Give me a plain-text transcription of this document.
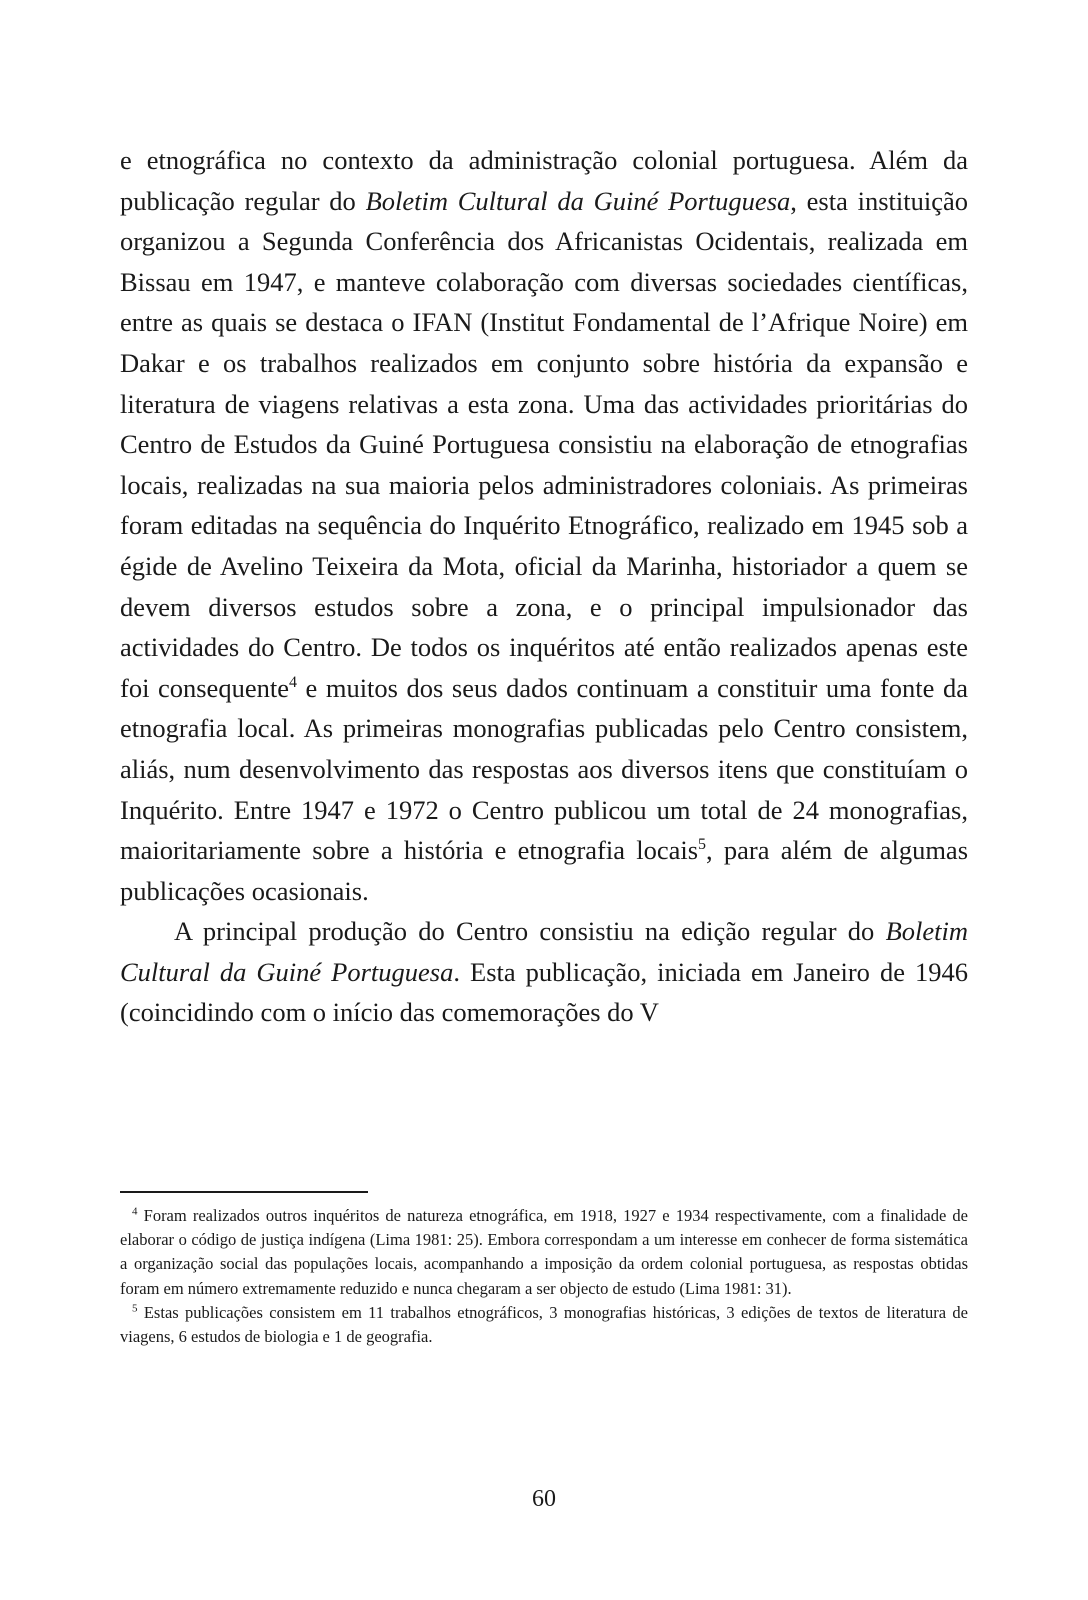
e etnográfica no contexto da administração colonial portuguesa. Além da publicação regular do Boletim Cultural da Guiné Portuguesa, esta instituição organizou a Segunda Conferência dos Africanistas Ocidentais, realizada em Bissau em 1947, e manteve colaboração com diversas sociedades científicas, entre as quais se destaca o IFAN (Institut Fondamental de l’Afrique Noire) em Dakar e os trabalhos realizados em conjunto sobre história da expansão e literatura de viagens relativas a esta zona. Uma das actividades prioritárias do Centro de Estudos da Guiné Portuguesa consistiu na elaboração de etnografias locais, realizadas na sua maioria pelos administradores coloniais. As primeiras foram editadas na sequência do Inquérito Etnográfico, realizado em 1945 sob a égide de Avelino Teixeira da Mota, oficial da Marinha, historiador a quem se devem diversos estudos sobre a zona, e o principal impulsionador das actividades do Centro. De todos os inquéritos até então realizados apenas este foi consequente$^4$ e muitos dos seus dados continuam a constituir uma fonte da etnografia local. As primeiras monografias publicadas pelo Centro consistem, aliás, num desenvolvimento das respostas aos diversos itens que constituíam o Inquérito. Entre 1947 e 1972 o Centro publicou um total de 24 monografias, maioritariamente sobre a história e etnografia locais$^5$, para além de algumas publicações ocasionais.

A principal produção do Centro consistiu na edição regular do Boletim Cultural da Guiné Portuguesa. Esta publicação, iniciada em Janeiro de 1946 (coincidindo com o início das comemorações do V

$^4$ Foram realizados outros inquéritos de natureza etnográfica, em 1918, 1927 e 1934 respectivamente, com a finalidade de elaborar o código de justiça indígena (Lima 1981: 25). Embora correspondam a um interesse em conhecer de forma sistemática a organização social das populações locais, acompanhando a imposição da ordem colonial portuguesa, as respostas obtidas foram em número extremamente reduzido e nunca chegaram a ser objecto de estudo (Lima 1981: 31).

$^5$ Estas publicações consistem em 11 trabalhos etnográficos, 3 monografias históricas, 3 edições de textos de literatura de viagens, 6 estudos de biologia e 1 de geografia.

60
